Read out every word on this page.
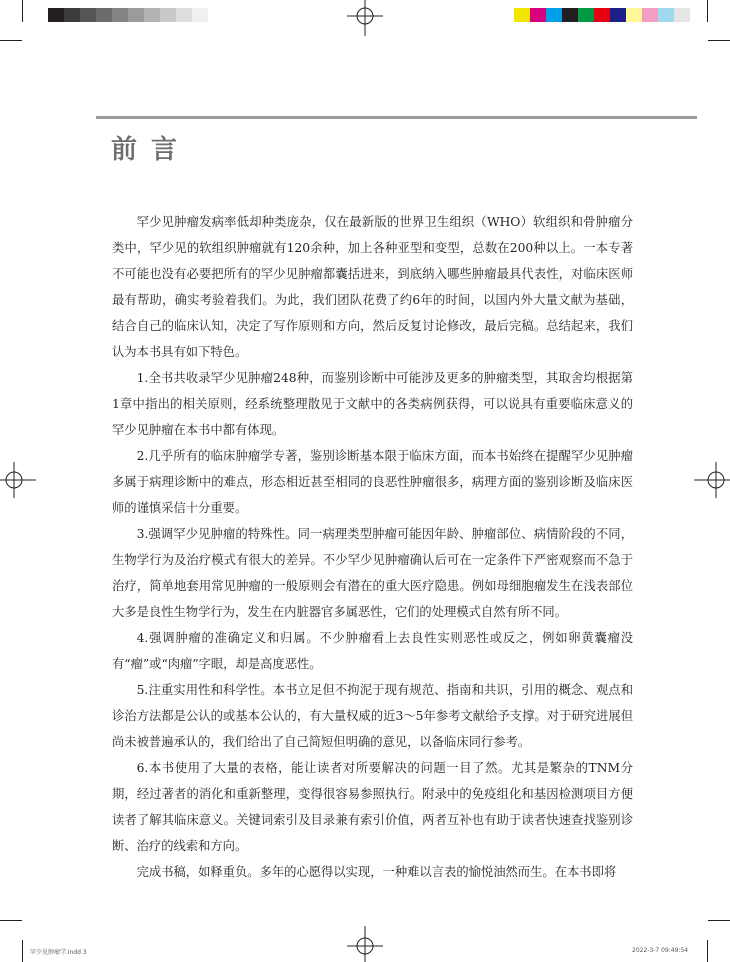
前言

罕少见肿瘤发病率低却种类庞杂，仅在最新版的世界卫生组织（WHO）软组织和骨肿瘤分类中，罕少见的软组织肿瘤就有120余种，加上各种亚型和变型，总数在200种以上。一本专著不可能也没有必要把所有的罕少见肿瘤都囊括进来，到底纳入哪些肿瘤最具代表性，对临床医师最有帮助，确实考验着我们。为此，我们团队花费了约6年的时间，以国内外大量文献为基础，结合自己的临床认知，决定了写作原则和方向，然后反复讨论修改，最后完稿。总结起来，我们认为本书具有如下特色。

1.全书共收录罕少见肿瘤248种，而鉴别诊断中可能涉及更多的肿瘤类型，其取舍均根据第1章中指出的相关原则，经系统整理散见于文献中的各类病例获得，可以说具有重要临床意义的罕少见肿瘤在本书中都有体现。

2.几乎所有的临床肿瘤学专著，鉴别诊断基本限于临床方面，而本书始终在提醒罕少见肿瘤多属于病理诊断中的难点，形态相近甚至相同的良恶性肿瘤很多，病理方面的鉴别诊断及临床医师的谨慎采信十分重要。

3.强调罕少见肿瘤的特殊性。同一病理类型肿瘤可能因年龄、肿瘤部位、病情阶段的不同，生物学行为及治疗模式有很大的差异。不少罕少见肿瘤确认后可在一定条件下严密观察而不急于治疗，简单地套用常见肿瘤的一般原则会有潜在的重大医疗隐患。例如母细胞瘤发生在浅表部位大多是良性生物学行为，发生在内脏器官多属恶性，它们的处理模式自然有所不同。

4.强调肿瘤的准确定义和归属。不少肿瘤看上去良性实则恶性或反之，例如卵黄囊瘤没有“瘤”或“肉瘤”字眼，却是高度恶性。

5.注重实用性和科学性。本书立足但不拘泥于现有规范、指南和共识，引用的概念、观点和诊治方法都是公认的或基本公认的，有大量权威的近3～5年参考文献给予支撑。对于研究进展但尚未被普遍承认的，我们给出了自己简短但明确的意见，以备临床同行参考。

6.本书使用了大量的表格，能让读者对所要解决的问题一目了然。尤其是繁杂的TNM分期，经过著者的消化和重新整理，变得很容易参照执行。附录中的免疫组化和基因检测项目方便读者了解其临床意义。关键词索引及目录兼有索引价值，两者互补也有助于读者快速查找鉴别诊断、治疗的线索和方向。

完成书稿，如释重负。多年的心愿得以实现，一种难以言表的愉悦油然而生。在本书即将

罕少见肿瘤学.indd 3	2022-3-7 09:49:54
